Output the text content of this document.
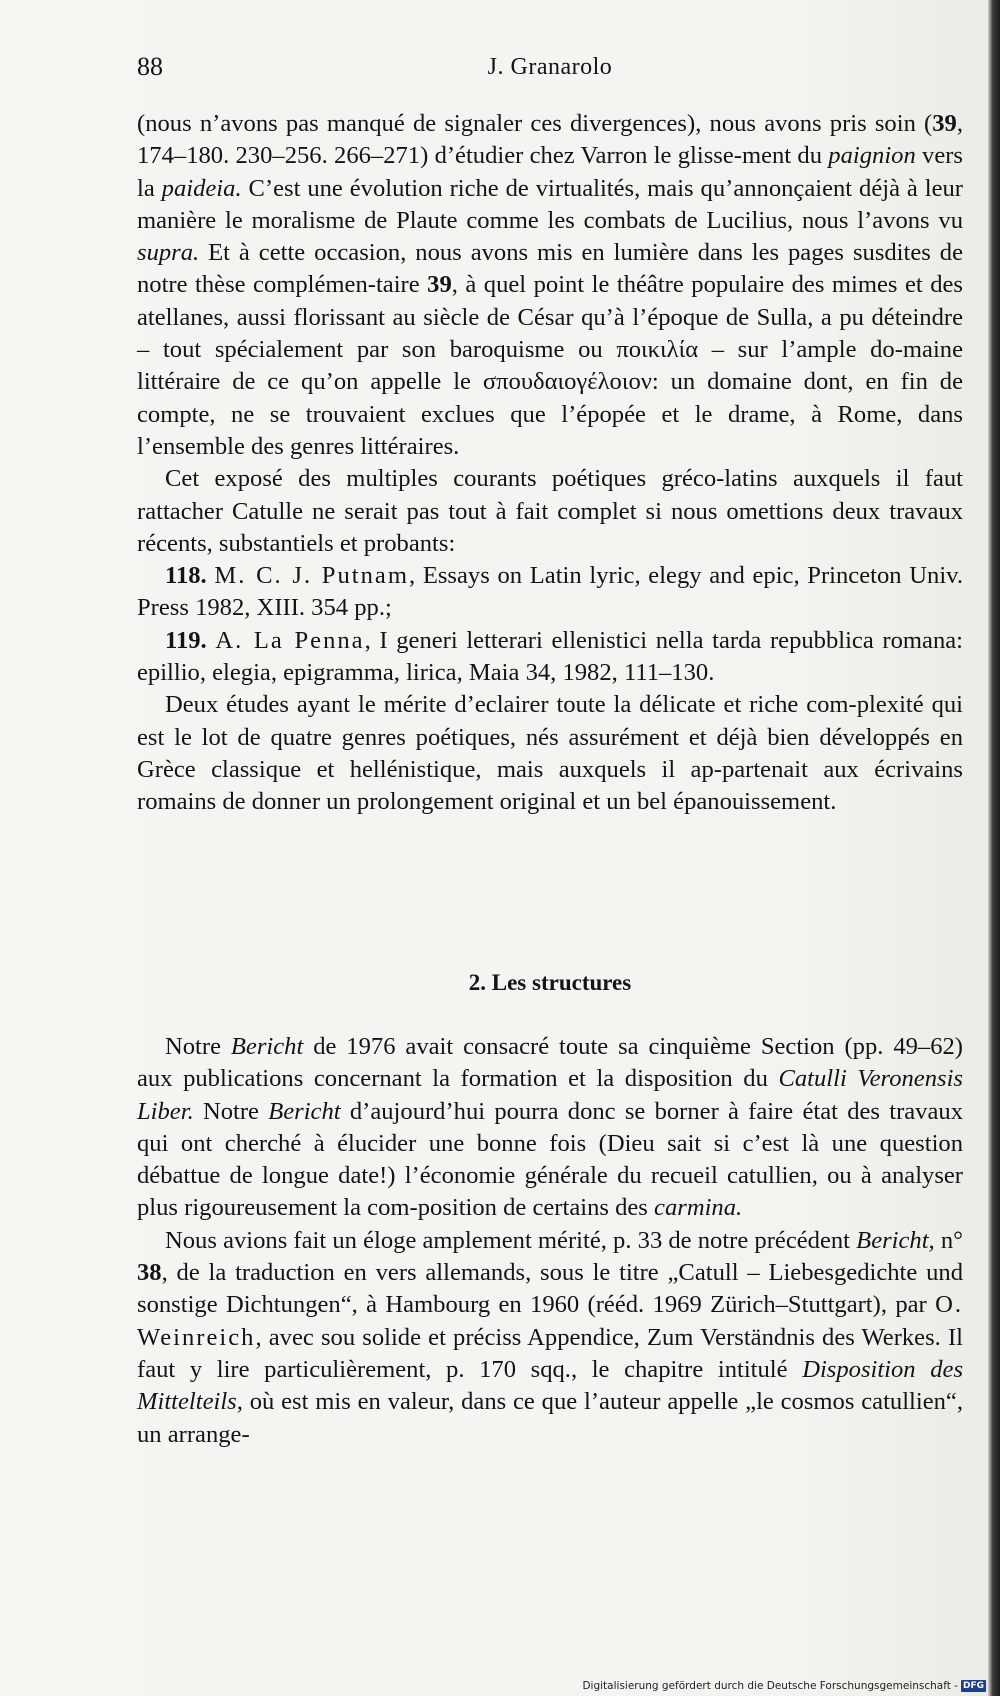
88	J. Granarolo

(nous n’avons pas manqué de signaler ces divergences), nous avons pris soin (39, 174–180. 230–256. 266–271) d’étudier chez Varron le glisse-ment du paignion vers la paideia. C’est une évolution riche de virtualités, mais qu’annonçaient déjà à leur manière le moralisme de Plaute comme les combats de Lucilius, nous l’avons vu supra. Et à cette occasion, nous avons mis en lumière dans les pages susdites de notre thèse complémen-taire 39, à quel point le théâtre populaire des mimes et des atellanes, aussi florissant au siècle de César qu’à l’époque de Sulla, a pu déteindre – tout spécialement par son baroquisme ou ποικιλία – sur l’ample do-maine littéraire de ce qu’on appelle le σπουδαιογέλοιον: un domaine dont, en fin de compte, ne se trouvaient exclues que l’épopée et le drame, à Rome, dans l’ensemble des genres littéraires.

Cet exposé des multiples courants poétiques gréco-latins auxquels il faut rattacher Catulle ne serait pas tout à fait complet si nous omettions deux travaux récents, substantiels et probants:

118. M. C. J. Putnam, Essays on Latin lyric, elegy and epic, Princeton Univ. Press 1982, XIII. 354 pp.;

119. A. La Penna, I generi letterari ellenistici nella tarda repubblica romana: epillio, elegia, epigramma, lirica, Maia 34, 1982, 111–130.

Deux études ayant le mérite d’eclairer toute la délicate et riche com-plexité qui est le lot de quatre genres poétiques, nés assurément et déjà bien développés en Grèce classique et hellénistique, mais auxquels il ap-partenait aux écrivains romains de donner un prolongement original et un bel épanouissement.

2. Les structures

Notre Bericht de 1976 avait consacré toute sa cinquième Section (pp. 49–62) aux publications concernant la formation et la disposition du Catulli Veronensis Liber. Notre Bericht d’aujourd’hui pourra donc se borner à faire état des travaux qui ont cherché à élucider une bonne fois (Dieu sait si c’est là une question débattue de longue date!) l’économie générale du recueil catullien, ou à analyser plus rigoureusement la com-position de certains des carmina.

Nous avions fait un éloge amplement mérité, p. 33 de notre précédent Bericht, n° 38, de la traduction en vers allemands, sous le titre „Catull – Liebesgedichte und sonstige Dichtungen“, à Hambourg en 1960 (rééd. 1969 Zürich–Stuttgart), par O. Weinreich, avec sou solide et préciss Appendice, Zum Verständnis des Werkes. Il faut y lire particulièrement, p. 170 sqq., le chapitre intitulé Disposition des Mittelteils, où est mis en valeur, dans ce que l’auteur appelle „le cosmos catullien“, un arrange-

Digitalisierung gefördert durch die Deutsche Forschungsgemeinschaft - DFG
